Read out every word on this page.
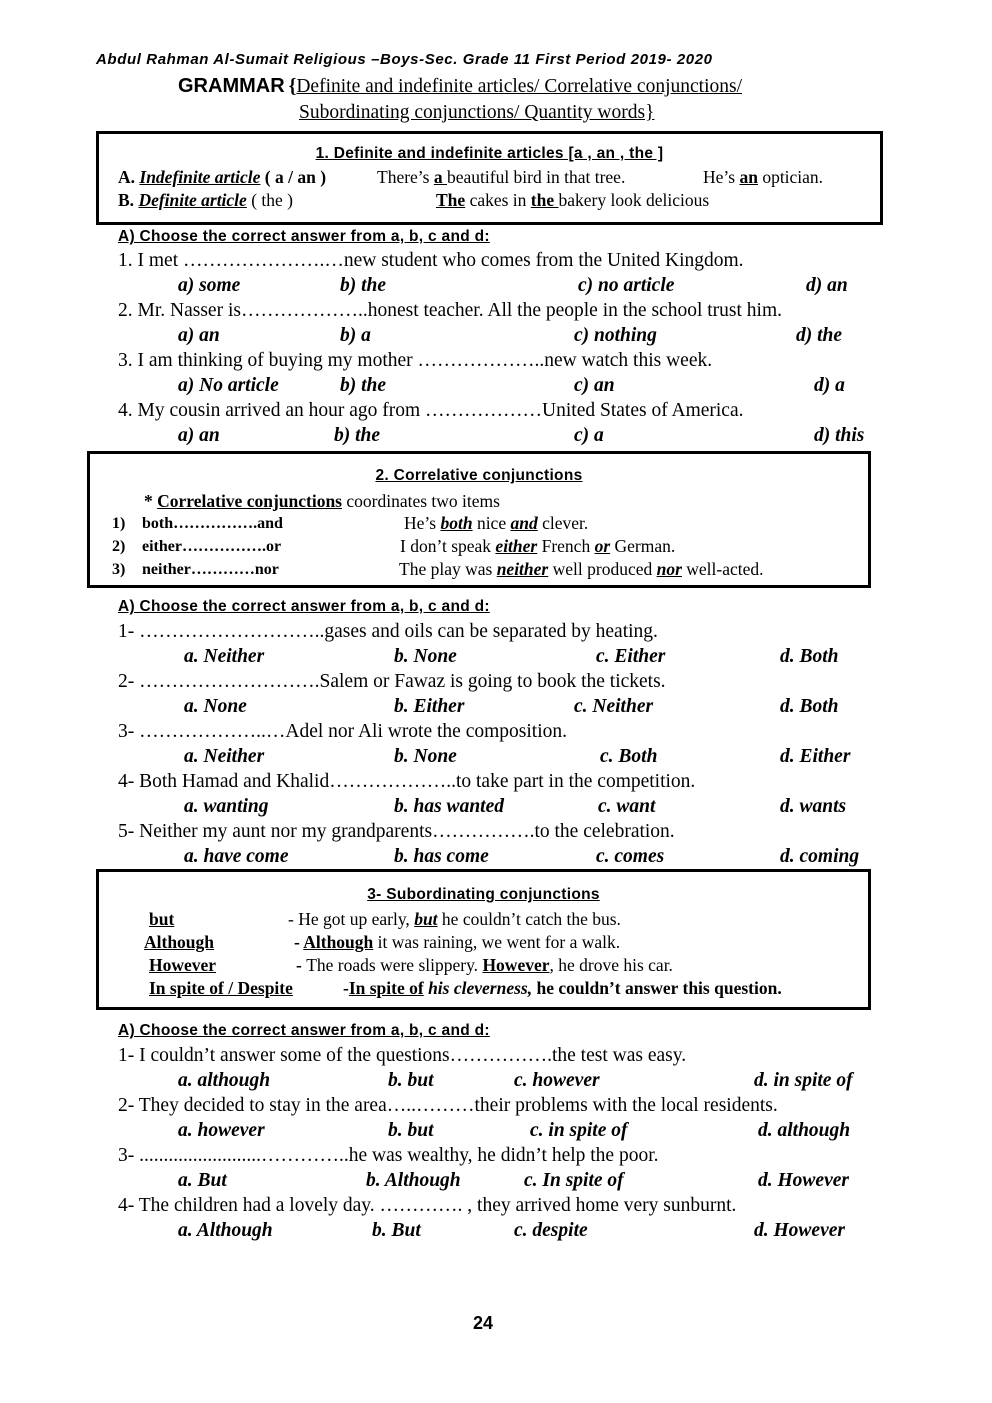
Abdul Rahman Al-Sumait Religious –Boys-Sec. Grade 11 First Period 2019- 2020
GRAMMAR {Definite and indefinite articles/ Correlative conjunctions/
Subordinating conjunctions/ Quantity words}
1. Definite and indefinite articles [a , an , the ]
A. Indefinite article ( a / an )	There’s a beautiful bird in that tree.	He’s an optician.
B. Definite article ( the )	The cakes in the bakery look delicious
A) Choose the correct answer from a, b, c and d:
1. I met ………………….…new student who comes from the United Kingdom.
a) some	b) the	c) no article	d) an
2. Mr. Nasser is………………..honest teacher. All the people in the school trust him.
a) an	b) a	c) nothing	d) the
3. I am thinking of buying my mother ………………..new watch this week.
a) No article	b) the	c) an	d) a
4. My cousin arrived an hour ago from ………………United States of America.
a) an	b) the	c) a	d) this
2. Correlative conjunctions
* Correlative conjunctions coordinates two items
1) both…………….and	He’s both nice and clever.
2) either…………….or	I don’t speak either French or German.
3) neither…………nor	The play was neither well produced nor well-acted.
A) Choose the correct answer from a, b, c and d:
1- ………………………..gases and oils can be separated by heating.
a. Neither	b. None	c. Either	d. Both
2- ……………………….Salem or Fawaz is going to book the tickets.
a. None	b. Either	c. Neither	d. Both
3- ………………..…Adel nor Ali wrote the composition.
a. Neither	b. None	c. Both	d. Either
4- Both Hamad and Khalid………………..to take part in the competition.
a. wanting	b. has wanted	c. want	d. wants
5- Neither my aunt nor my grandparents…………….to the celebration.
a. have come	b. has come	c. comes	d. coming
3- Subordinating conjunctions
but	- He got up early, but he couldn’t catch the bus.
Although	- Although it was raining, we went for a walk.
However	- The roads were slippery. However, he drove his car.
In spite of / Despite	-In spite of his cleverness, he couldn’t answer this question.
A) Choose the correct answer from a, b, c and d:
1- I couldn’t answer some of the questions…………….the test was easy.
a. although	b. but	c. however	d. in spite of
2- They decided to stay in the area…..………their problems with the local residents.
a. however	b. but	c. in spite of	d. although
3- .........................…………..he was wealthy, he didn’t help the poor.
a. But	b. Although	c. In spite of	d. However
4- The children had a lovely day. …………. , they arrived home very sunburnt.
a. Although	b. But	c. despite	d. However
24
